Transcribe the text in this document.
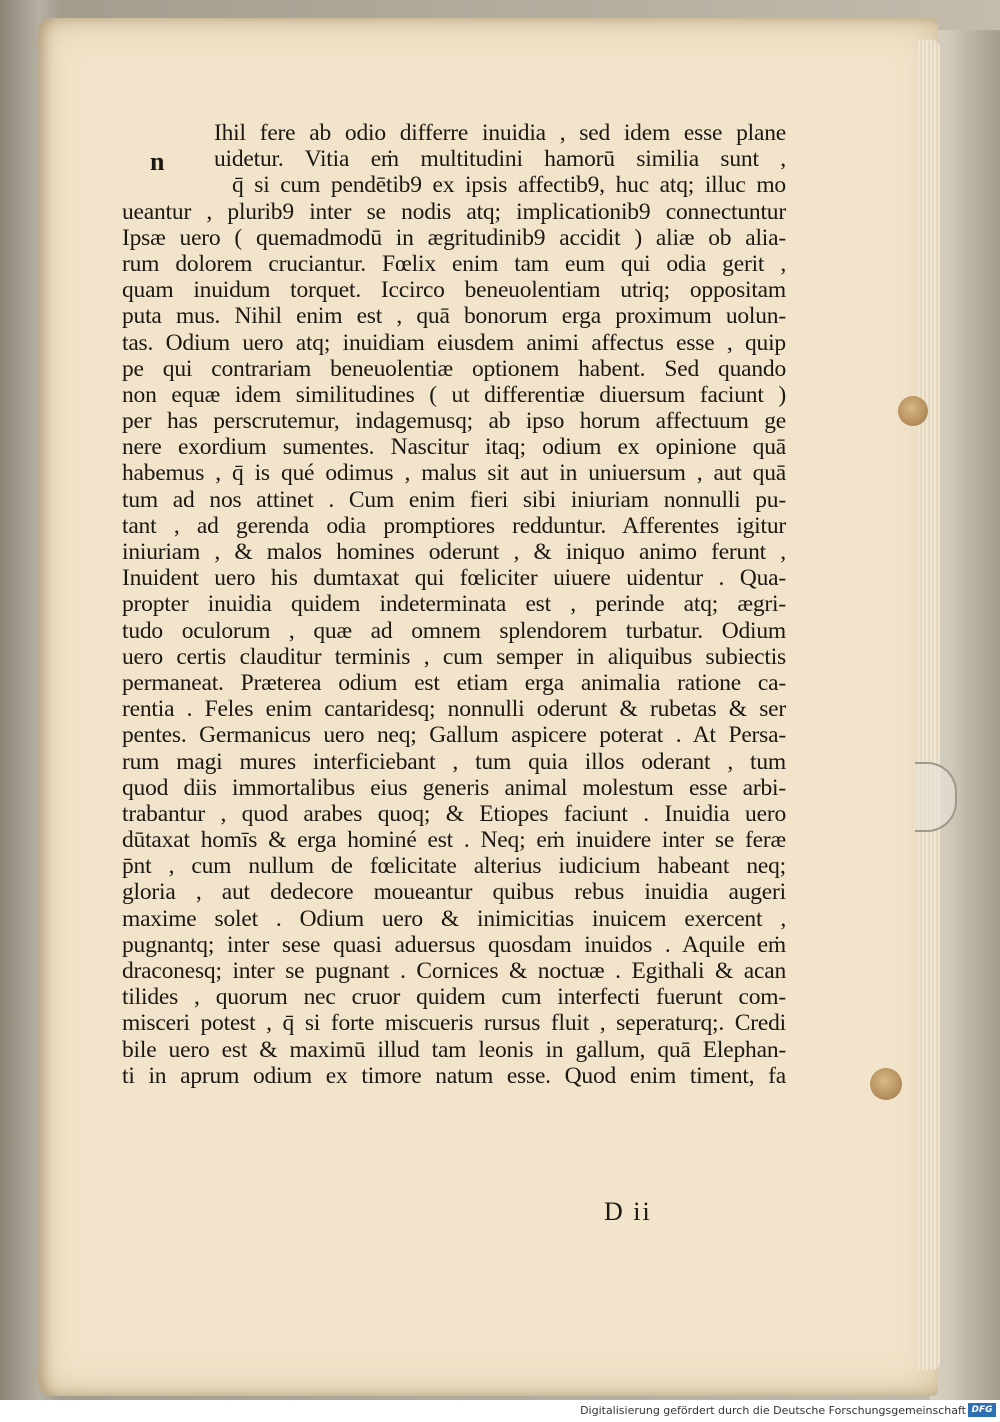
n
Ihil fere ab odio differre inuidia , sed idem esse plane
uidetur. Vitia eṁ multitudini hamorū similia sunt ,
q̄ si cum pendētib9 ex ipsis affectib9, huc atq; illuc mo
ueantur , plurib9 inter se nodis atq; implicationib9 connectuntur
Ipsæ uero ( quemadmodū in ægritudinib9 accidit ) aliæ ob alia-
rum dolorem cruciantur. Fœlix enim tam eum qui odia gerit ,
quam inuidum torquet. Iccirco beneuolentiam utriq; oppositam
puta mus. Nihil enim est , quā bonorum erga proximum uolun-
tas. Odium uero atq; inuidiam eiusdem animi affectus esse , quip
pe qui contrariam beneuolentiæ optionem habent. Sed quando
non equæ idem similitudines ( ut differentiæ diuersum faciunt )
per has perscrutemur, indagemusq; ab ipso horum affectuum ge
nere exordium sumentes. Nascitur itaq; odium ex opinione quā
habemus , q̄ is qué odimus , malus sit aut in uniuersum , aut quā
tum ad nos attinet . Cum enim fieri sibi iniuriam nonnulli pu-
tant , ad gerenda odia promptiores redduntur. Afferentes igitur
iniuriam , & malos homines oderunt , & iniquo animo ferunt ,
Inuident uero his dumtaxat qui fœliciter uiuere uidentur . Qua-
propter inuidia quidem indeterminata est , perinde atq; ægri-
tudo oculorum , quæ ad omnem splendorem turbatur. Odium
uero certis clauditur terminis , cum semper in aliquibus subiectis
permaneat. Præterea odium est etiam erga animalia ratione ca-
rentia . Feles enim cantaridesq; nonnulli oderunt & rubetas & ser
pentes. Germanicus uero neq; Gallum aspicere poterat . At Persa-
rum magi mures interficiebant , tum quia illos oderant , tum
quod diis immortalibus eius generis animal molestum esse arbi-
trabantur , quod arabes quoq; & Etiopes faciunt . Inuidia uero
dūtaxat homīs & erga hominé est . Neq; eṁ inuidere inter se feræ
p̄nt , cum nullum de fœlicitate alterius iudicium habeant neq;
gloria , aut dedecore moueantur quibus rebus inuidia augeri
maxime solet . Odium uero & inimicitias inuicem exercent ,
pugnantq; inter sese quasi aduersus quosdam inuidos . Aquile eṁ
draconesq; inter se pugnant . Cornices & noctuæ . Egithali & acan
tilides , quorum nec cruor quidem cum interfecti fuerunt com-
misceri potest , q̄ si forte miscueris rursus fluit , seperaturq;. Credi
bile uero est & maximū illud tam leonis in gallum, quā Elephan-
ti in aprum odium ex timore natum esse. Quod enim timent, fa
D ii
Digitalisierung gefördert durch die Deutsche Forschungsgemeinschaft DFG
